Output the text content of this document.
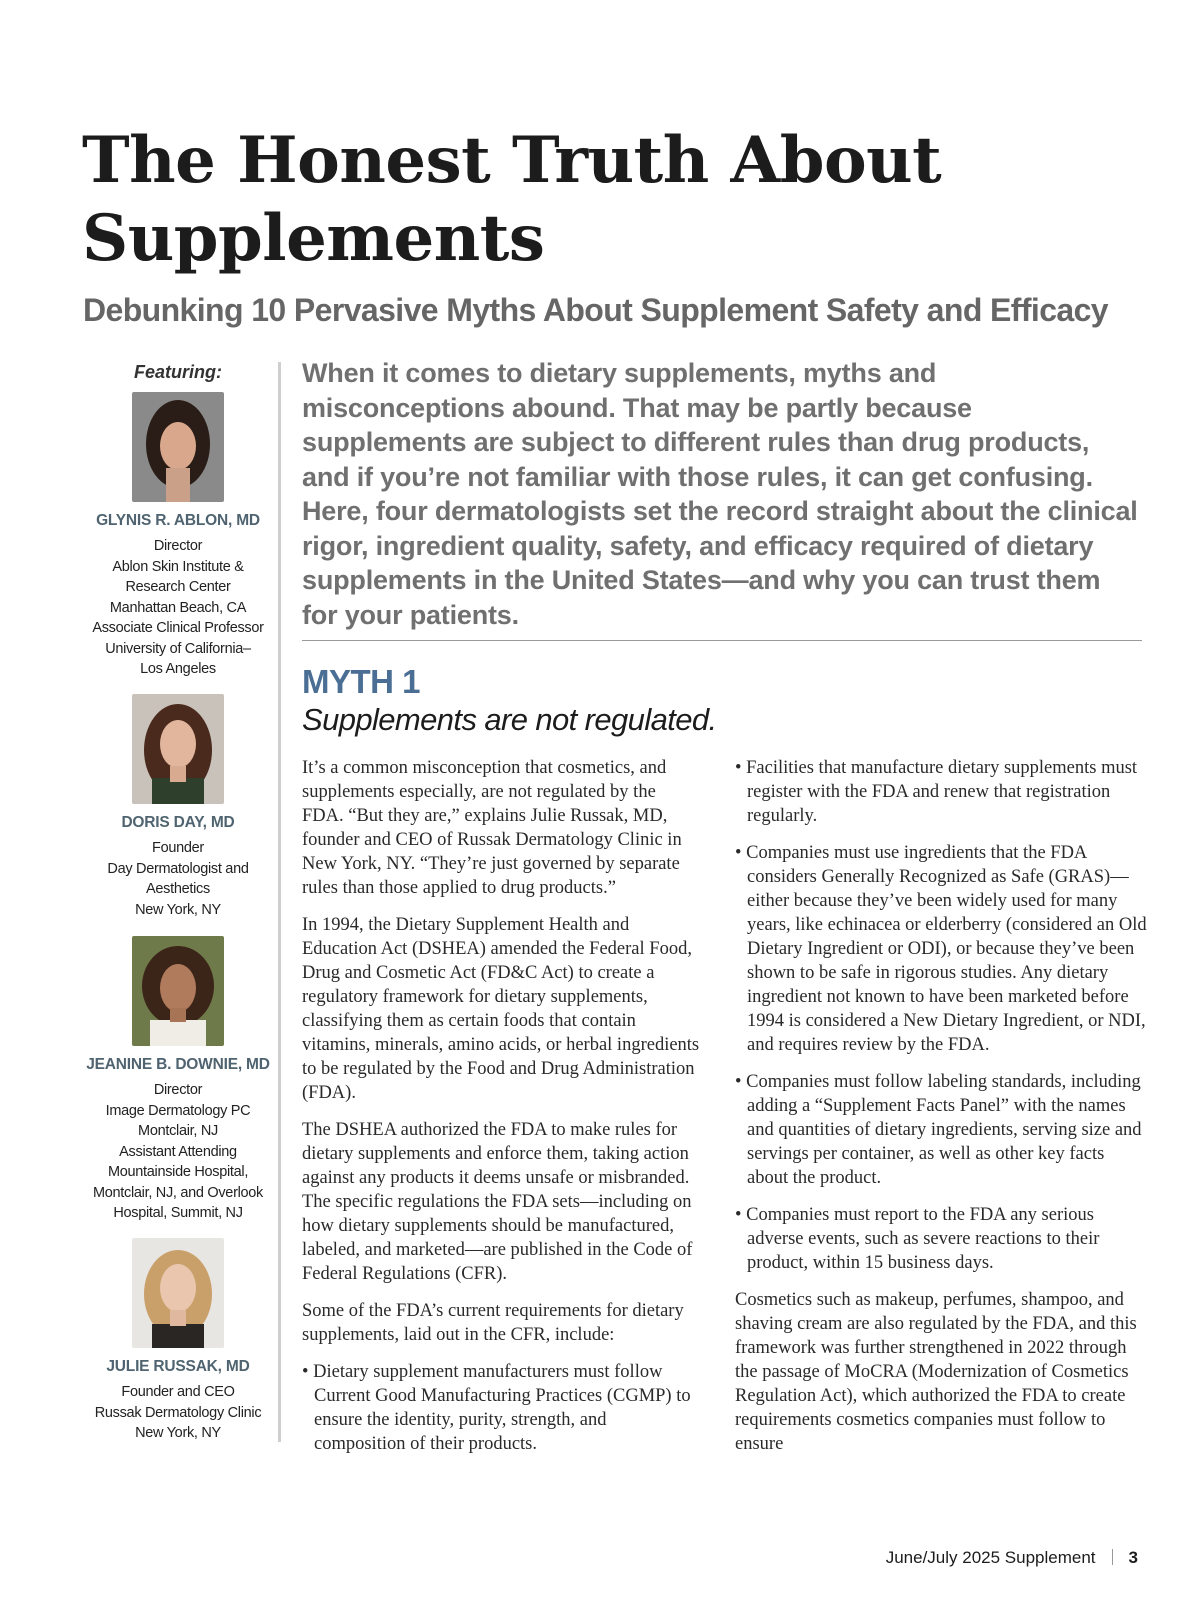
The Honest Truth About Supplements
Debunking 10 Pervasive Myths About Supplement Safety and Efficacy
Featuring:
GLYNIS R. ABLON, MD
Director
Ablon Skin Institute &
Research Center
Manhattan Beach, CA
Associate Clinical Professor
University of California–
Los Angeles
DORIS DAY, MD
Founder
Day Dermatologist and
Aesthetics
New York, NY
JEANINE B. DOWNIE, MD
Director
Image Dermatology PC
Montclair, NJ
Assistant Attending
Mountainside Hospital,
Montclair, NJ, and Overlook
Hospital, Summit, NJ
JULIE RUSSAK, MD
Founder and CEO
Russak Dermatology Clinic
New York, NY

When it comes to dietary supplements, myths and misconceptions abound. That may be partly because supplements are subject to different rules than drug products, and if you’re not familiar with those rules, it can get confusing. Here, four dermatologists set the record straight about the clinical rigor, ingredient quality, safety, and efficacy required of dietary supplements in the United States—and why you can trust them for your patients.

MYTH 1
Supplements are not regulated.

It’s a common misconception that cosmetics, and supplements especially, are not regulated by the FDA. “But they are,” explains Julie Russak, MD, founder and CEO of Russak Dermatology Clinic in New York, NY. “They’re just governed by separate rules than those applied to drug products.”

In 1994, the Dietary Supplement Health and Education Act (DSHEA) amended the Federal Food, Drug and Cosmetic Act (FD&C Act) to create a regulatory framework for dietary supplements, classifying them as certain foods that contain vitamins, minerals, amino acids, or herbal ingredients to be regulated by the Food and Drug Administration (FDA).

The DSHEA authorized the FDA to make rules for dietary supplements and enforce them, taking action against any products it deems unsafe or misbranded. The specific regulations the FDA sets—including on how dietary supplements should be manufactured, labeled, and marketed—are published in the Code of Federal Regulations (CFR).

Some of the FDA’s current requirements for dietary supplements, laid out in the CFR, include:

• Dietary supplement manufacturers must follow Current Good Manufacturing Practices (CGMP) to ensure the identity, purity, strength, and composition of their products.

• Facilities that manufacture dietary supplements must register with the FDA and renew that registration regularly.

• Companies must use ingredients that the FDA considers Generally Recognized as Safe (GRAS)—either because they’ve been widely used for many years, like echinacea or elderberry (considered an Old Dietary Ingredient or ODI), or because they’ve been shown to be safe in rigorous studies. Any dietary ingredient not known to have been marketed before 1994 is considered a New Dietary Ingredient, or NDI, and requires review by the FDA.

• Companies must follow labeling standards, including adding a “Supplement Facts Panel” with the names and quantities of dietary ingredients, serving size and servings per container, as well as other key facts about the product.

• Companies must report to the FDA any serious adverse events, such as severe reactions to their product, within 15 business days.

Cosmetics such as makeup, perfumes, shampoo, and shaving cream are also regulated by the FDA, and this framework was further strengthened in 2022 through the passage of MoCRA (Modernization of Cosmetics Regulation Act), which authorized the FDA to create requirements cosmetics companies must follow to ensure

June/July 2025 Supplement 3
